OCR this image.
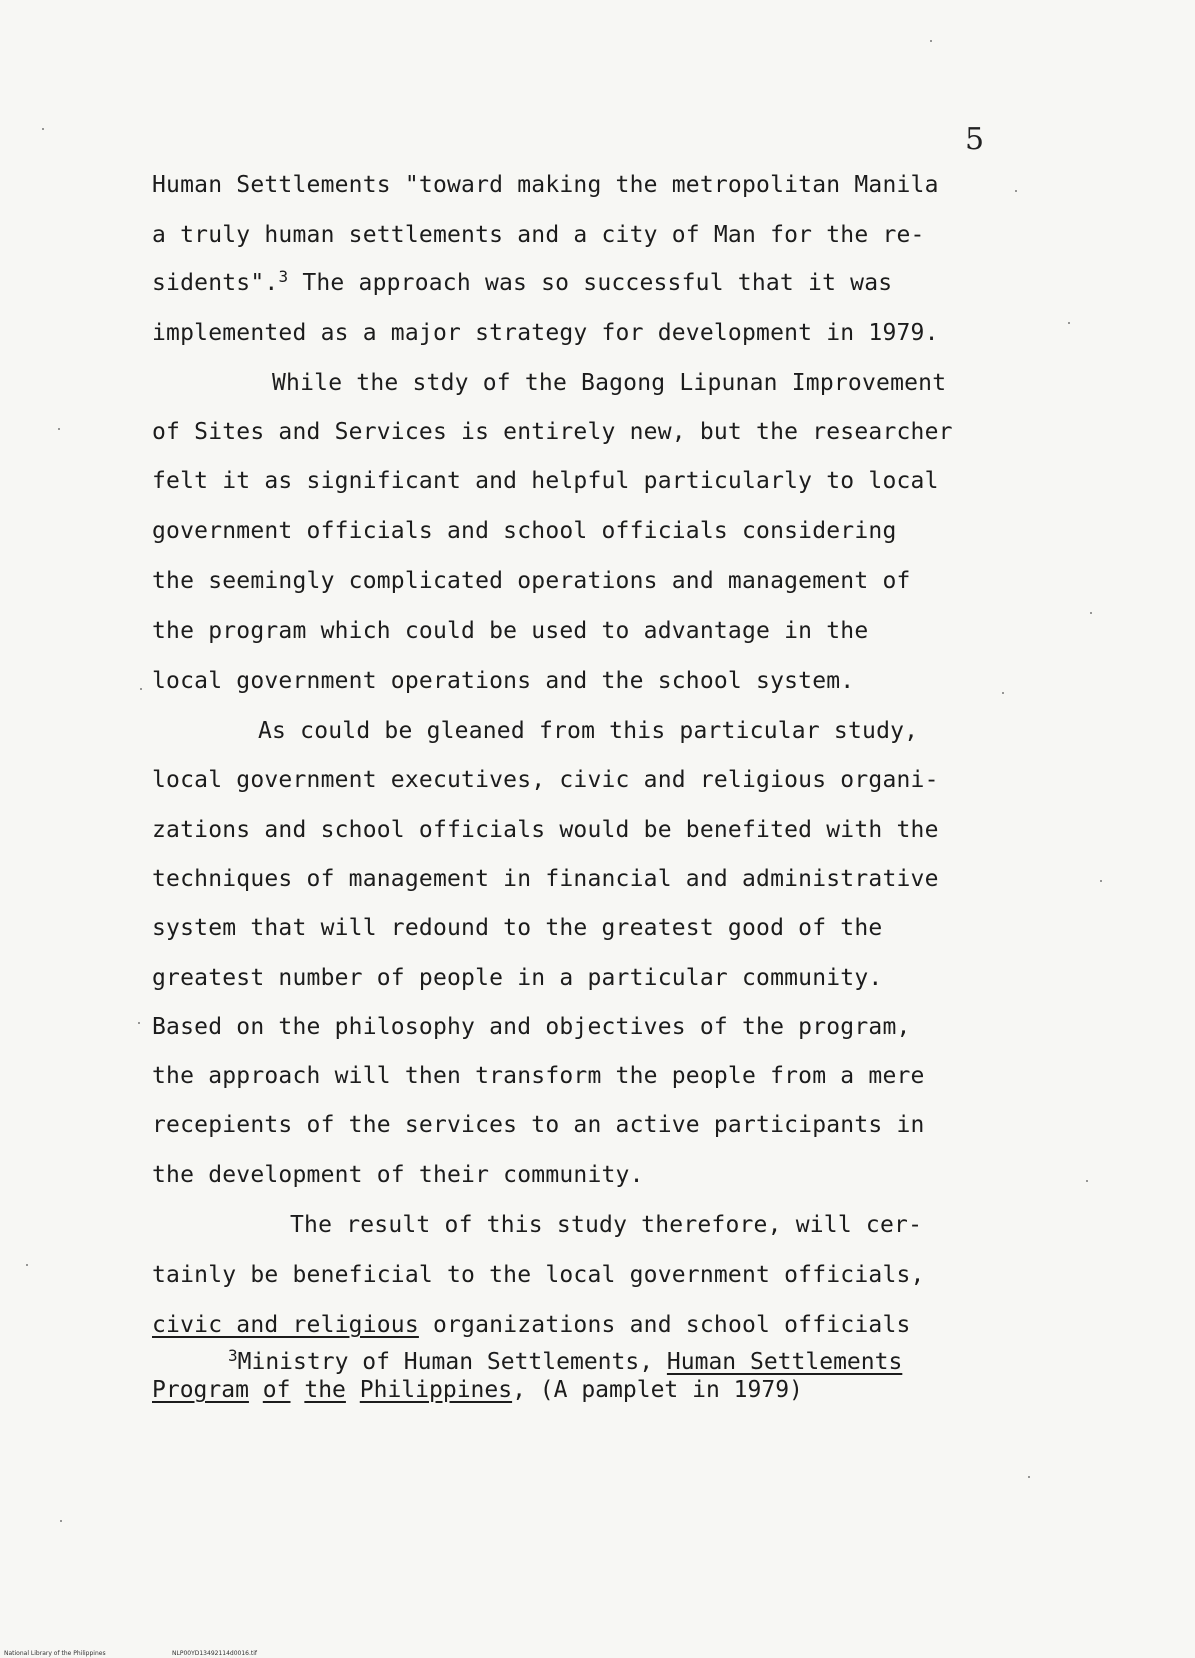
5
Human Settlements "toward making the metropolitan Manila
a truly human settlements and a city of Man for the re-
sidents".$^3$ The approach was so successful that it was
implemented as a major strategy for development in 1979.
While the stdy of the Bagong Lipunan Improvement
of Sites and Services is entirely new, but the researcher
felt it as significant and helpful particularly to local
government officials and school officials considering
the seemingly complicated operations and management of
the program which could be used to advantage in the
local government operations and the school system.
As could be gleaned from this particular study,
local government executives, civic and religious organi-
zations and school officials would be benefited with the
techniques of management in financial and administrative
system that will redound to the greatest good of the
greatest number of people in a particular community.
Based on the philosophy and objectives of the program,
the approach will then transform the people from a mere
recepients of the services to an active participants in
the development of their community.
The result of this study therefore, will cer-
tainly be beneficial to the local government officials,
civic and religious organizations and school officials
$^3$Ministry of Human Settlements, Human Settlements
Program of the Philippines, (A pamplet in 1979)
National Library of the Philippines	NLP00YD13492114d0016.tif
